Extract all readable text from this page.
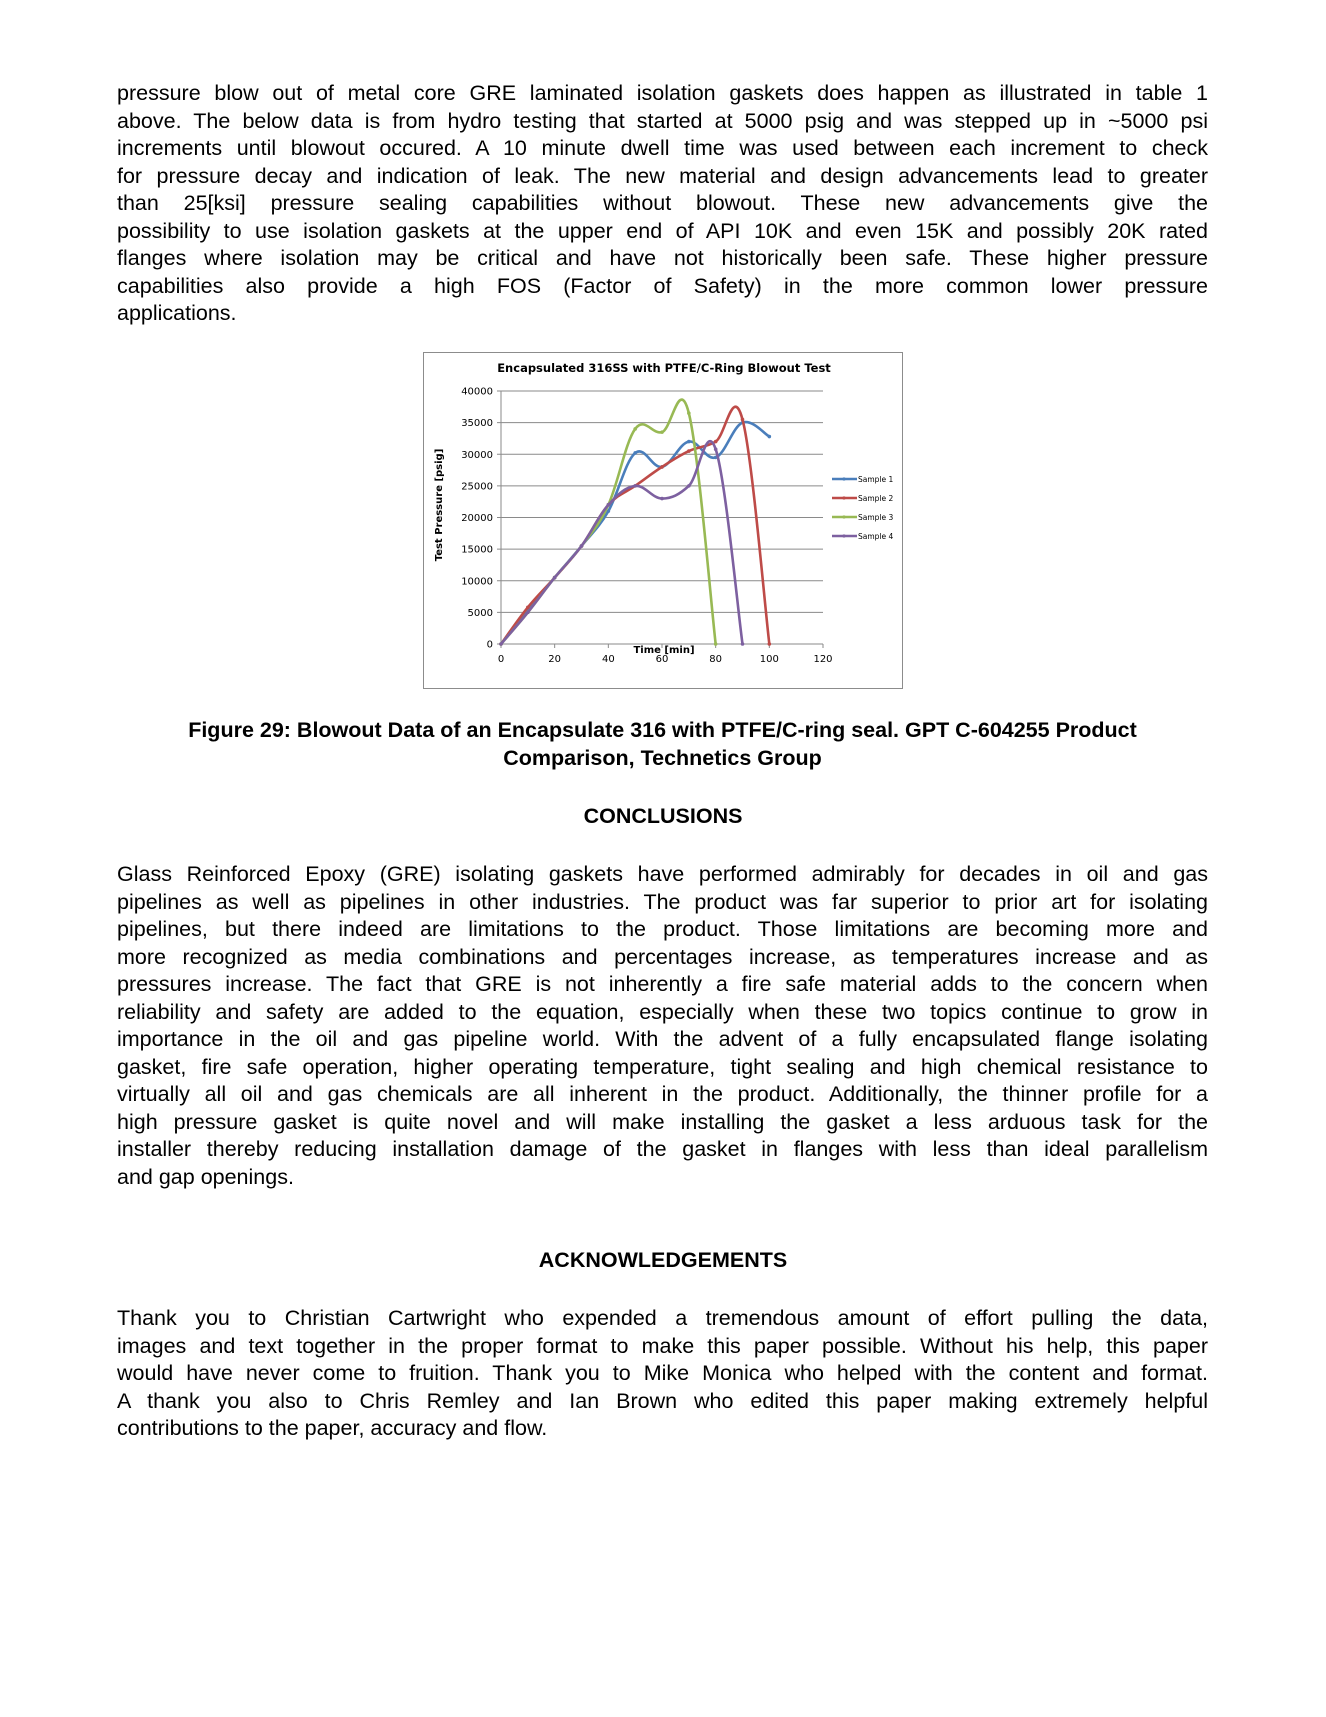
pressure blow out of metal core GRE laminated isolation gaskets does happen as illustrated in table 1
above. The below data is from hydro testing that started at 5000 psig and was stepped up in ~5000 psi
increments until blowout occured. A 10 minute dwell time was used between each increment to check
for pressure decay and indication of leak. The new material and design advancements lead to greater
than 25[ksi] pressure sealing capabilities without blowout. These new advancements give the
possibility to use isolation gaskets at the upper end of API 10K and even 15K and possibly 20K rated
flanges where isolation may be critical and have not historically been safe. These higher pressure
capabilities also provide a high FOS (Factor of Safety) in the more common lower pressure
applications.
Encapsulated 316SS with PTFE/C-Ring Blowout Test
0
5000
10000
15000
20000
25000
30000
35000
40000
0	20	40	60	80	100	120
Time [min]
Test Pressure [psig]	Sample 1
Sample 2
Sample 3
Sample 4
Figure 29: Blowout Data of an Encapsulate 316 with PTFE/C-ring seal. GPT C-604255 Product
Comparison, Technetics Group
CONCLUSIONS
Glass Reinforced Epoxy (GRE) isolating gaskets have performed admirably for decades in oil and gas
pipelines as well as pipelines in other industries. The product was far superior to prior art for isolating
pipelines, but there indeed are limitations to the product. Those limitations are becoming more and
more recognized as media combinations and percentages increase, as temperatures increase and as
pressures increase. The fact that GRE is not inherently a fire safe material adds to the concern when
reliability and safety are added to the equation, especially when these two topics continue to grow in
importance in the oil and gas pipeline world. With the advent of a fully encapsulated flange isolating
gasket, fire safe operation, higher operating temperature, tight sealing and high chemical resistance to
virtually all oil and gas chemicals are all inherent in the product. Additionally, the thinner profile for a
high pressure gasket is quite novel and will make installing the gasket a less arduous task for the
installer thereby reducing installation damage of the gasket in flanges with less than ideal parallelism
and gap openings.
ACKNOWLEDGEMENTS
Thank you to Christian Cartwright who expended a tremendous amount of effort pulling the data,
images and text together in the proper format to make this paper possible. Without his help, this paper
would have never come to fruition. Thank you to Mike Monica who helped with the content and format.
A thank you also to Chris Remley and Ian Brown who edited this paper making extremely helpful
contributions to the paper, accuracy and flow.
